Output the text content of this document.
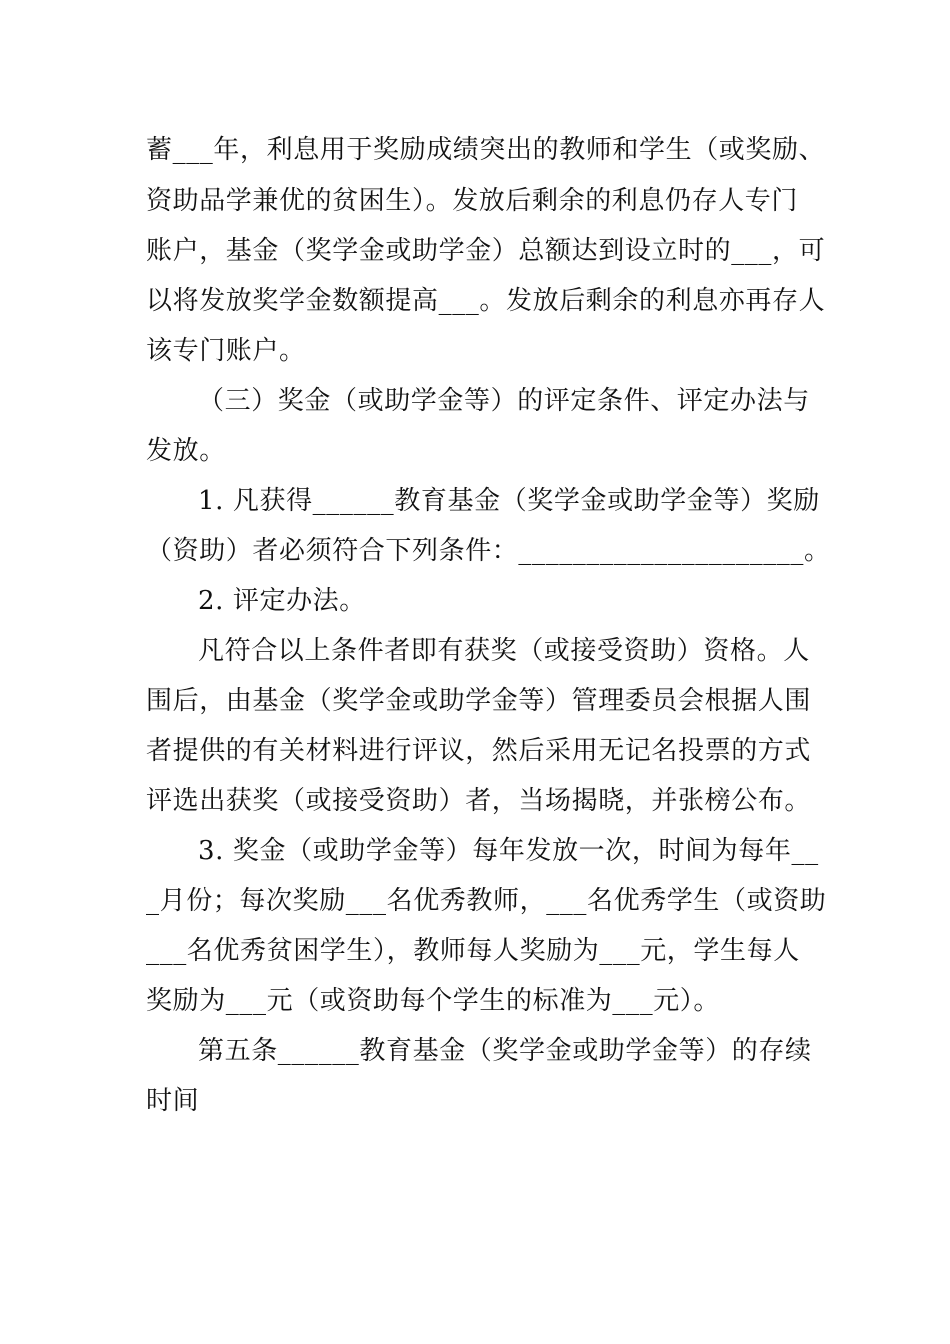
蓄___年，利息用于奖励成绩突出的教师和学生（或奖励、
资助品学兼优的贫困生）。发放后剩余的利息仍存人专门
账户，基金（奖学金或助学金）总额达到设立时的___，可
以将发放奖学金数额提高___。发放后剩余的利息亦再存人
该专门账户。
（三）奖金（或助学金等）的评定条件、评定办法与
发放。
1. 凡获得______教育基金（奖学金或助学金等）奖励
（资助）者必须符合下列条件：_____________________。
2. 评定办法。
凡符合以上条件者即有获奖（或接受资助）资格。人
围后，由基金（奖学金或助学金等）管理委员会根据人围
者提供的有关材料进行评议，然后采用无记名投票的方式
评选出获奖（或接受资助）者，当场揭晓，并张榜公布。
3. 奖金（或助学金等）每年发放一次，时间为每年__
_月份；每次奖励___名优秀教师，___名优秀学生（或资助
___名优秀贫困学生），教师每人奖励为___元，学生每人
奖励为___元（或资助每个学生的标准为___元）。
第五条______教育基金（奖学金或助学金等）的存续
时间
